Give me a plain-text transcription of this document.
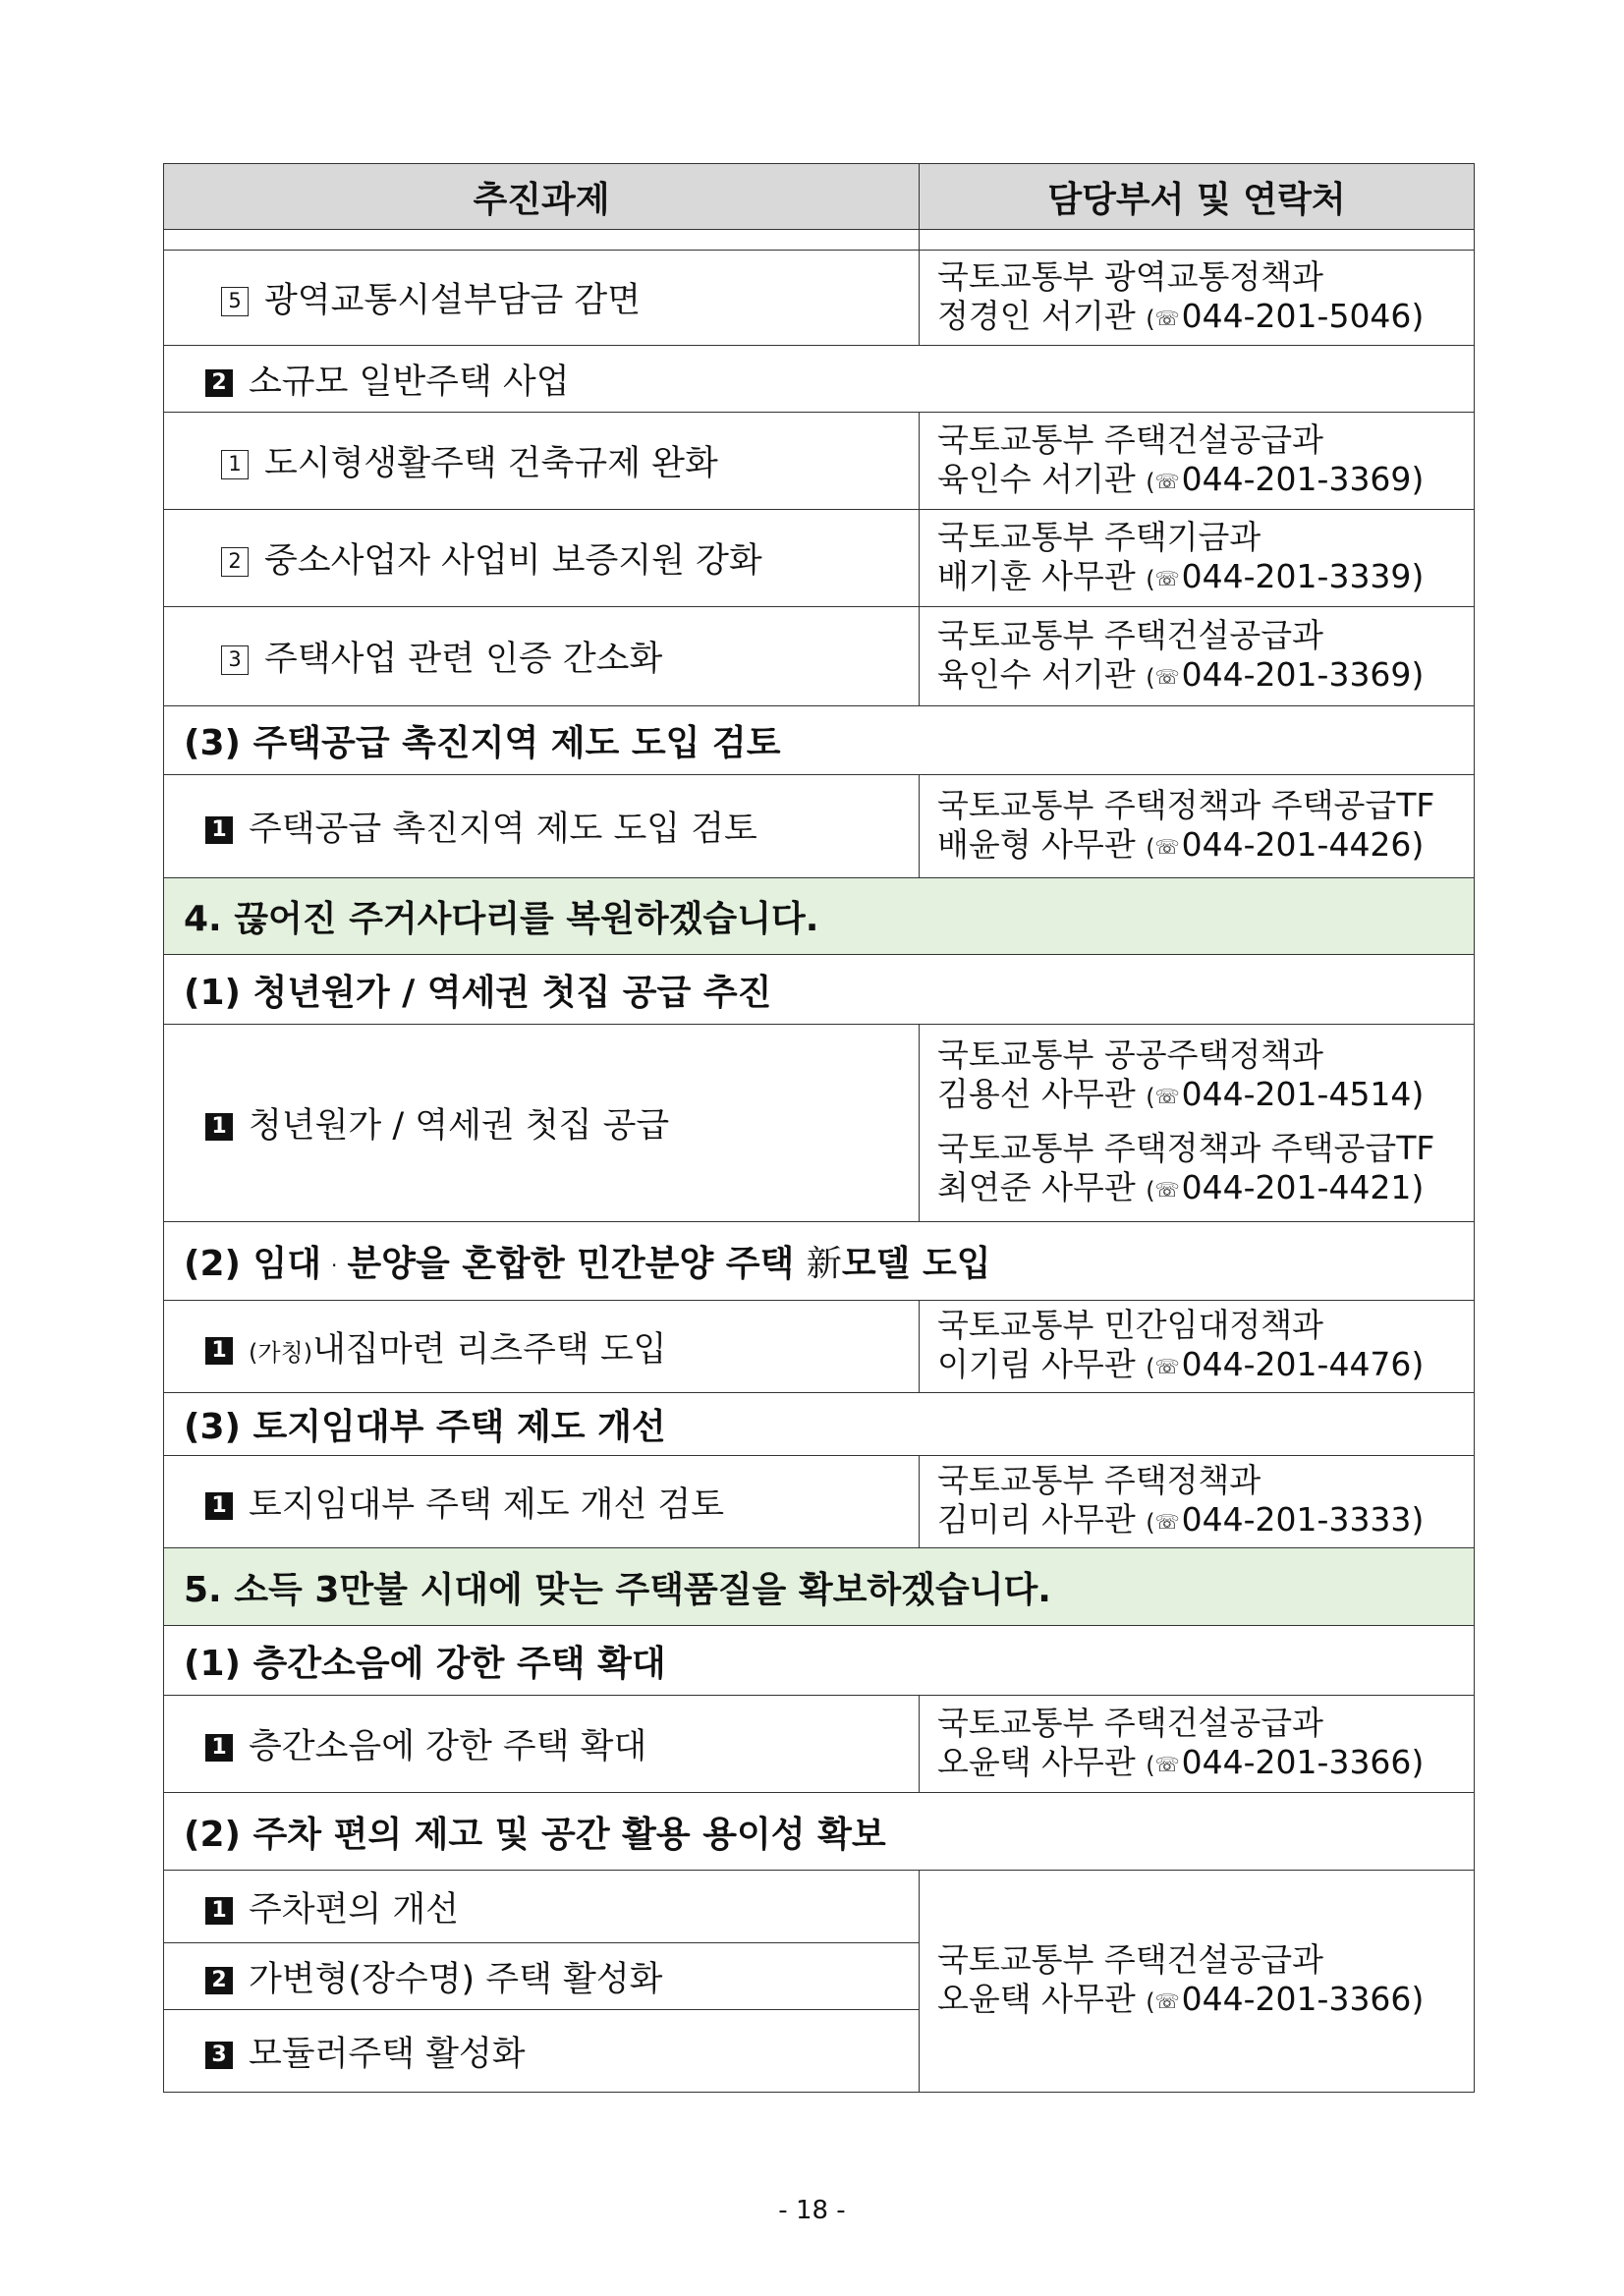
추진과제	담당부서 및 연락처

5 광역교통시설부담금 감면	국토교통부 광역교통정책과
정경인 서기관 (☏044-201-5046)

2 소규모 일반주택 사업	
1 도시형생활주택 건축규제 완화	국토교통부 주택건설공급과
육인수 서기관 (☏044-201-3369)

2 중소사업자 사업비 보증지원 강화	국토교통부 주택기금과
배기훈 사무관 (☏044-201-3339)

3 주택사업 관련 인증 간소화	국토교통부 주택건설공급과
육인수 서기관 (☏044-201-3369)

(3) 주택공급 촉진지역 제도 도입 검토	
1 주택공급 촉진지역 제도 도입 검토	국토교통부 주택정책과 주택공급TF
배윤형 사무관 (☏044-201-4426)

4. 끊어진 주거사다리를 복원하겠습니다.	
(1) 청년원가 / 역세권 첫집 공급 추진	
1 청년원가 / 역세권 첫집 공급	국토교통부 공공주택정책과
김용선 사무관 (☏044-201-4514)
국토교통부 주택정책과 주택공급TF
최연준 사무관 (☏044-201-4421)

(2) 임대 · 분양을 혼합한 민간분양 주택 新모델 도입	
1 (가칭)내집마련 리츠주택 도입	국토교통부 민간임대정책과
이기림 사무관 (☏044-201-4476)

(3) 토지임대부 주택 제도 개선	
1 토지임대부 주택 제도 개선 검토	국토교통부 주택정책과
김미리 사무관 (☏044-201-3333)

5. 소득 3만불 시대에 맞는 주택품질을 확보하겠습니다.	
(1) 층간소음에 강한 주택 확대	
1 층간소음에 강한 주택 확대	국토교통부 주택건설공급과
오윤택 사무관 (☏044-201-3366)

(2) 주차 편의 제고 및 공간 활용 용이성 확보	
1 주차편의 개선	국토교통부 주택건설공급과
오윤택 사무관 (☏044-201-3366)

2 가변형(장수명) 주택 활성화	
3 모듈러주택 활성화	
- 18 -
